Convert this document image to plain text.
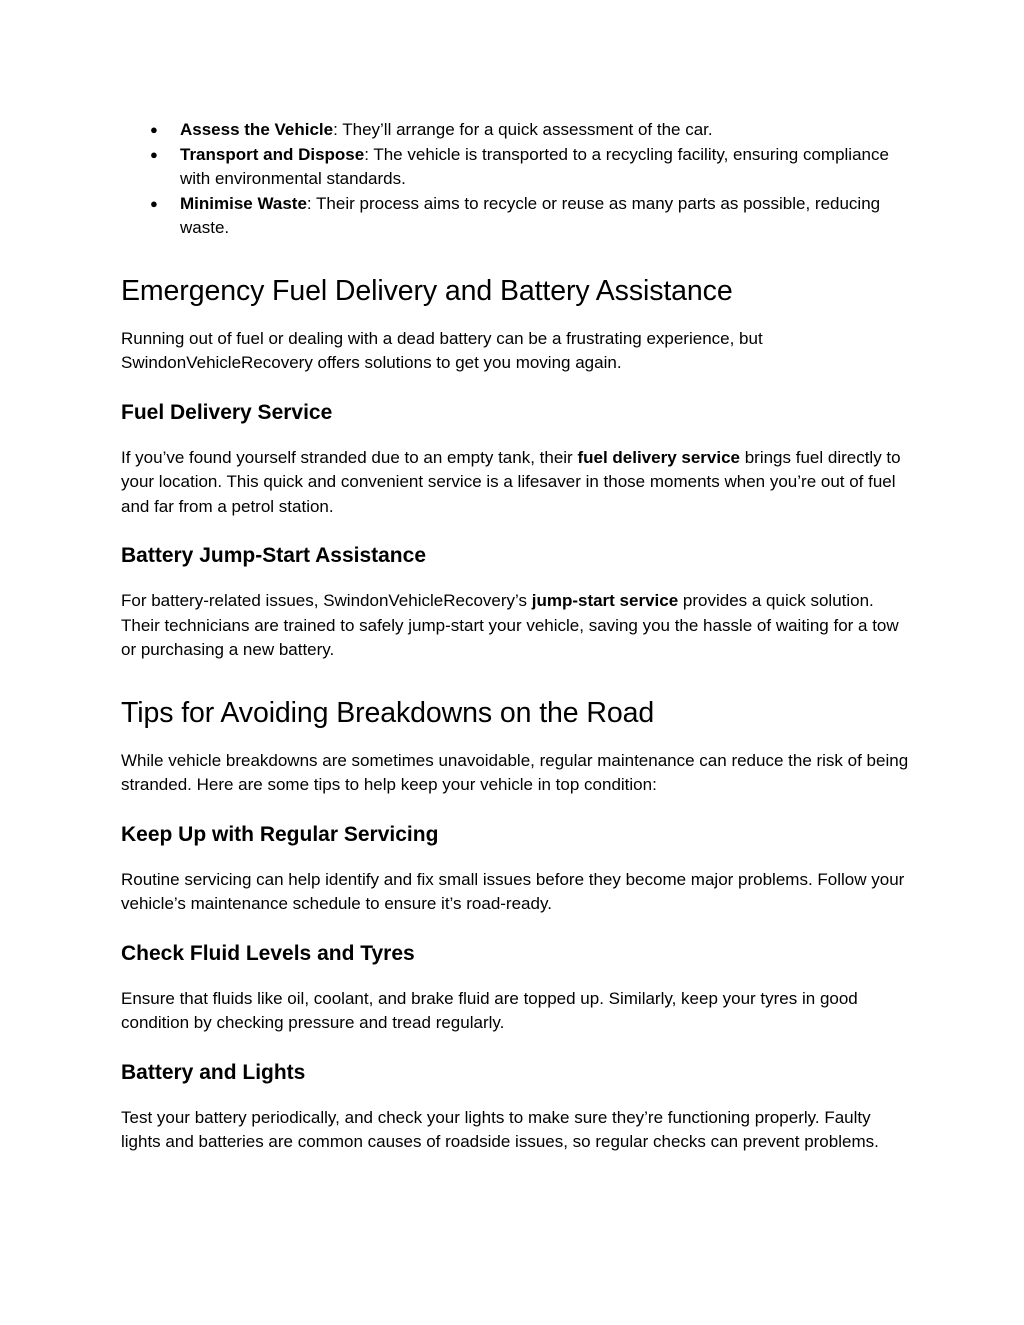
● Assess the Vehicle: They’ll arrange for a quick assessment of the car.
● Transport and Dispose: The vehicle is transported to a recycling facility, ensuring compliance with environmental standards.
● Minimise Waste: Their process aims to recycle or reuse as many parts as possible, reducing waste.
Emergency Fuel Delivery and Battery Assistance

Running out of fuel or dealing with a dead battery can be a frustrating experience, but SwindonVehicleRecovery offers solutions to get you moving again.

Fuel Delivery Service

If you’ve found yourself stranded due to an empty tank, their fuel delivery service brings fuel directly to your location. This quick and convenient service is a lifesaver in those moments when you’re out of fuel and far from a petrol station.

Battery Jump-Start Assistance

For battery-related issues, SwindonVehicleRecovery’s jump-start service provides a quick solution. Their technicians are trained to safely jump-start your vehicle, saving you the hassle of waiting for a tow or purchasing a new battery.

Tips for Avoiding Breakdowns on the Road

While vehicle breakdowns are sometimes unavoidable, regular maintenance can reduce the risk of being stranded. Here are some tips to help keep your vehicle in top condition:

Keep Up with Regular Servicing

Routine servicing can help identify and fix small issues before they become major problems. Follow your vehicle’s maintenance schedule to ensure it’s road-ready.

Check Fluid Levels and Tyres

Ensure that fluids like oil, coolant, and brake fluid are topped up. Similarly, keep your tyres in good condition by checking pressure and tread regularly.

Battery and Lights

Test your battery periodically, and check your lights to make sure they’re functioning properly. Faulty lights and batteries are common causes of roadside issues, so regular checks can prevent problems.
